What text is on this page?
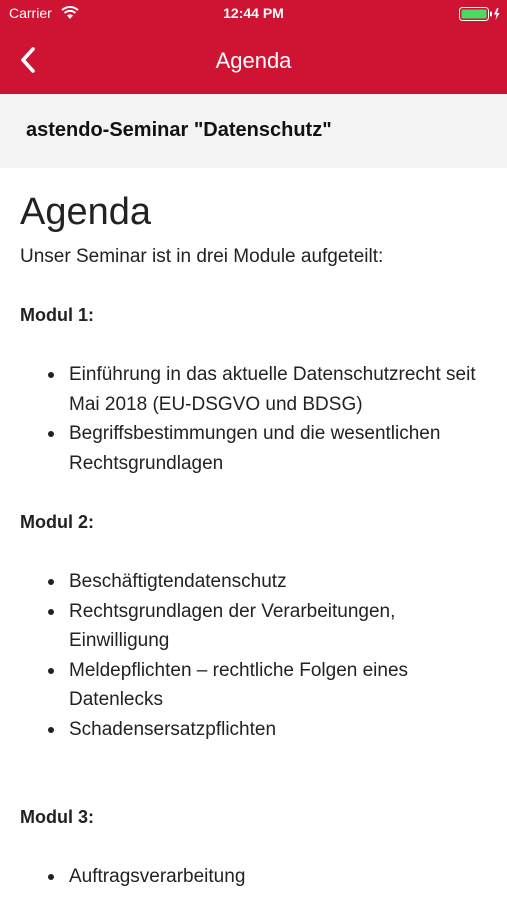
Carrier	12:44 PM
Agenda
astendo-Seminar "Datenschutz"
Agenda

Unser Seminar ist in drei Module aufgeteilt:

Modul 1:
Einführung in das aktuelle Datenschutzrecht seit Mai 2018 (EU-DSGVO und BDSG)
Begriffsbestimmungen und die wesentlichen Rechtsgrundlagen
Modul 2:
Beschäftigtendatenschutz
Rechtsgrundlagen der Verarbeitungen, Einwilligung
Meldepflichten – rechtliche Folgen eines Datenlecks
Schadensersatzpflichten
Modul 3:
Auftragsverarbeitung
